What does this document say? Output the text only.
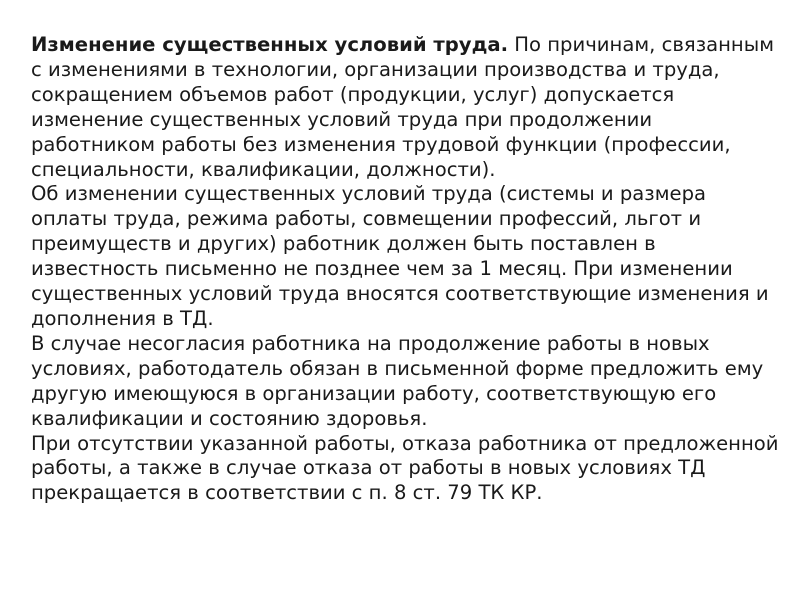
Изменение существенных условий труда. По причинам, связанным с изменениями в технологии, организации производства и труда, сокращением объемов работ (продукции, услуг) допускается изменение существенных условий труда при продолжении работником работы без изменения трудовой функции (профессии, специальности, квалификации, должности).

Об изменении существенных условий труда (системы и размера оплаты труда, режима работы, совмещении профессий, льгот и преимуществ и других) работник должен быть поставлен в известность письменно не позднее чем за 1 месяц. При изменении существенных условий труда вносятся соответствующие изменения и дополнения в ТД.

В случае несогласия работника на продолжение работы в новых условиях, работодатель обязан в письменной форме предложить ему другую имеющуюся в организации работу, соответствующую его квалификации и состоянию здоровья.

При отсутствии указанной работы, отказа работника от предложенной работы, а также в случае отказа от работы в новых условиях ТД прекращается в соответствии с п. 8 ст. 79 ТК КР.
